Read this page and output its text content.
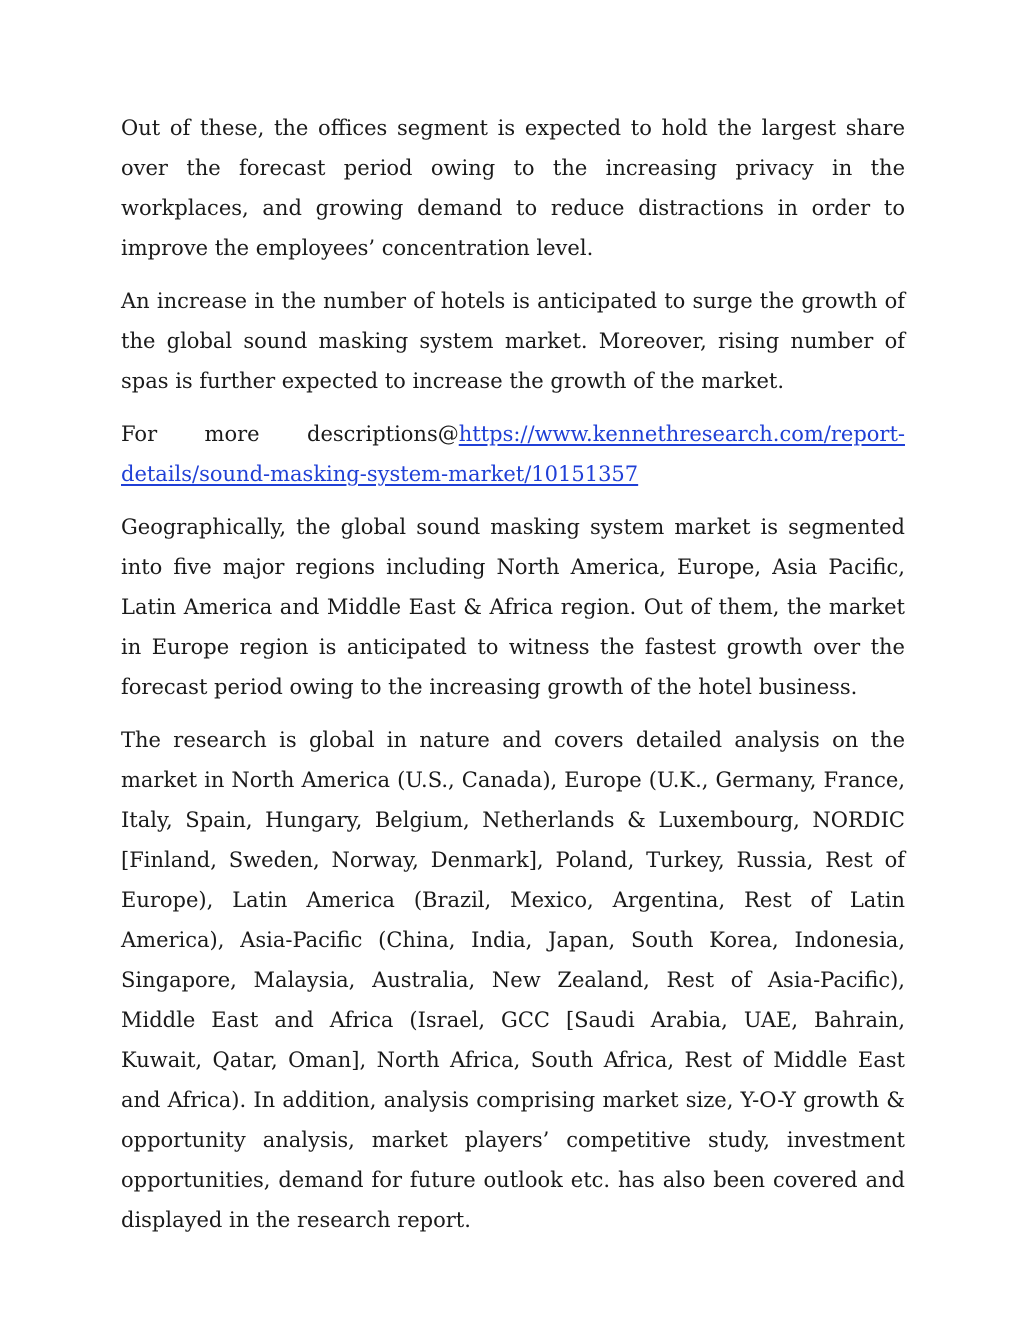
Out of these, the offices segment is expected to hold the largest share over the forecast period owing to the increasing privacy in the workplaces, and growing demand to reduce distractions in order to improve the employees’ concentration level.

An increase in the number of hotels is anticipated to surge the growth of the global sound masking system market. Moreover, rising number of spas is further expected to increase the growth of the market.

For more descriptions@https://www.kennethresearch.com/report-details/sound-masking-system-market/10151357

Geographically, the global sound masking system market is segmented into five major regions including North America, Europe, Asia Pacific, Latin America and Middle East & Africa region. Out of them, the market in Europe region is anticipated to witness the fastest growth over the forecast period owing to the increasing growth of the hotel business.

The research is global in nature and covers detailed analysis on the market in North America (U.S., Canada), Europe (U.K., Germany, France, Italy, Spain, Hungary, Belgium, Netherlands & Luxembourg, NORDIC [Finland, Sweden, Norway, Denmark], Poland, Turkey, Russia, Rest of Europe), Latin America (Brazil, Mexico, Argentina, Rest of Latin America), Asia-Pacific (China, India, Japan, South Korea, Indonesia, Singapore, Malaysia, Australia, New Zealand, Rest of Asia-Pacific), Middle East and Africa (Israel, GCC [Saudi Arabia, UAE, Bahrain, Kuwait, Qatar, Oman], North Africa, South Africa, Rest of Middle East and Africa). In addition, analysis comprising market size, Y-O-Y growth & opportunity analysis, market players’ competitive study, investment opportunities, demand for future outlook etc. has also been covered and displayed in the research report.
